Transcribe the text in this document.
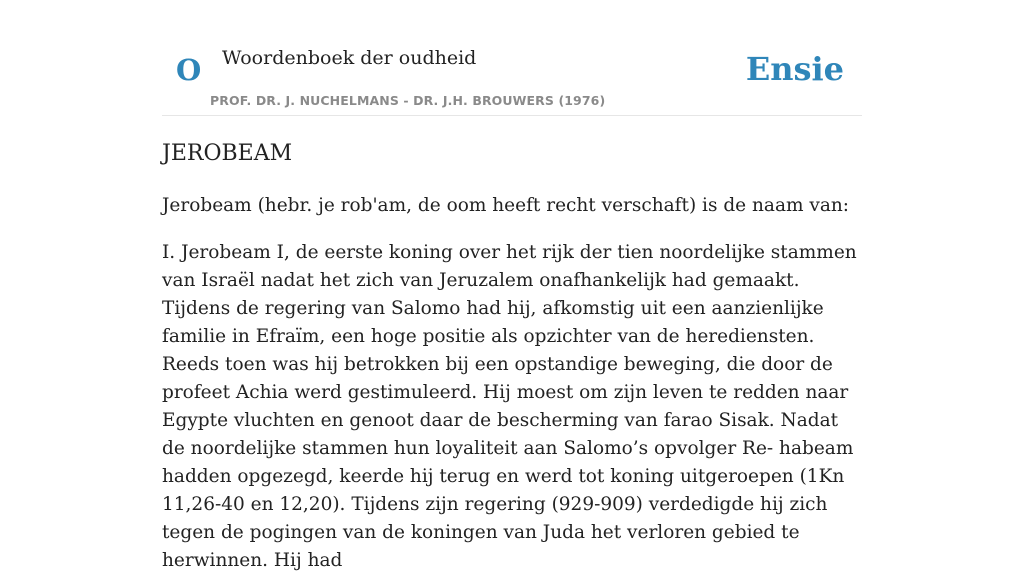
O Woordenboek der oudheid
PROF. DR. J. NUCHELMANS - DR. J.H. BROUWERS (1976)
Ensie
JEROBEAM

Jerobeam (hebr. je rob'am, de oom heeft recht verschaft) is de naam van:

I. Jerobeam I, de eerste koning over het rijk der tien noordelijke stammen van Israël nadat het zich van Jeruzalem onafhankelijk had gemaakt. Tijdens de regering van Salomo had hij, afkomstig uit een aanzienlijke familie in Efraïm, een hoge positie als opzichter van de herediensten. Reeds toen was hij betrokken bij een opstandige beweging, die door de profeet Achia werd gestimuleerd. Hij moest om zijn leven te redden naar Egypte vluchten en genoot daar de bescherming van farao Sisak. Nadat de noordelijke stammen hun loyaliteit aan Salomo’s opvolger Re- habeam hadden opgezegd, keerde hij terug en werd tot koning uitgeroepen (1Kn 11,26-40 en 12,20). Tijdens zijn regering (929-909) verdedigde hij zich tegen de pogingen van de koningen van Juda het verloren gebied te herwinnen. Hij had
